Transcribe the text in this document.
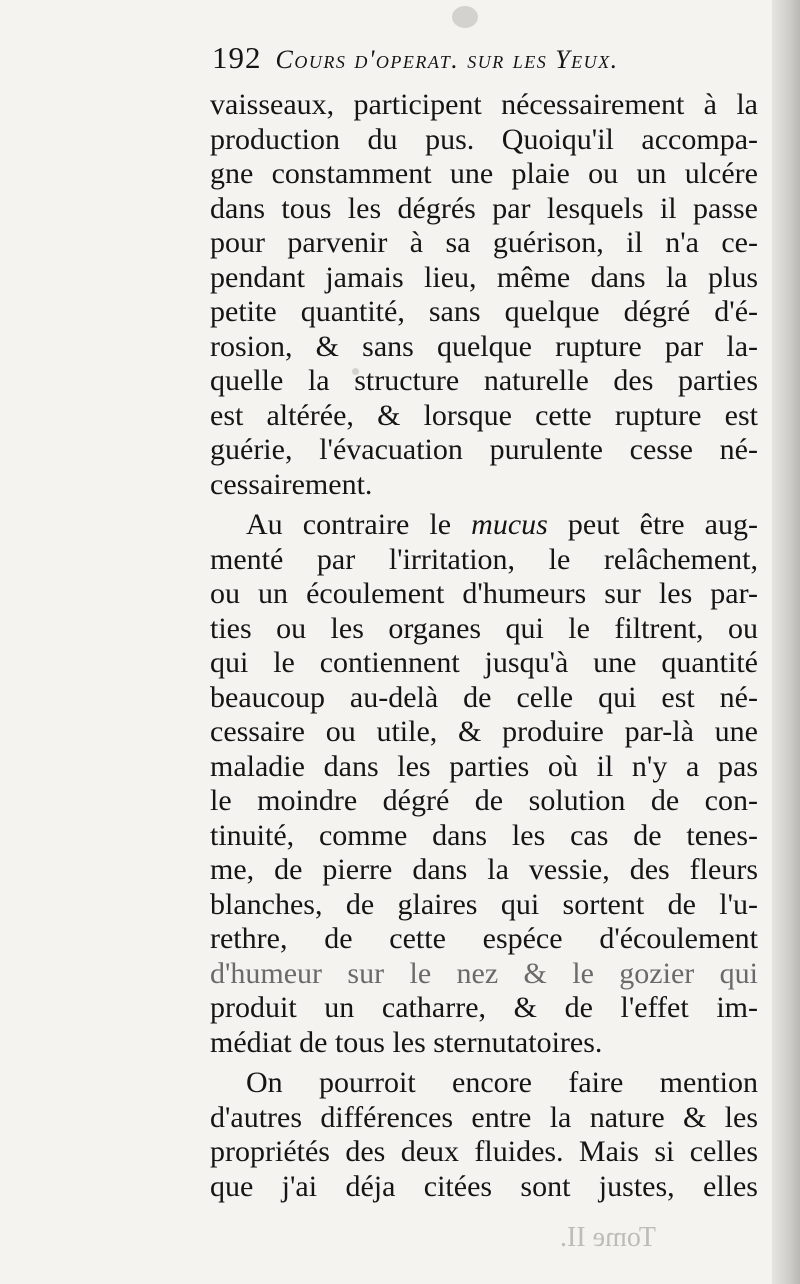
192 Cours d'operat. sur les Yeux.
vaisseaux, participent nécessairement à la
production du pus. Quoiqu'il accompa-
gne constamment une plaie ou un ulcére
dans tous les dégrés par lesquels il passe
pour parvenir à sa guérison, il n'a ce-
pendant jamais lieu, même dans la plus
petite quantité, sans quelque dégré d'é-
rosion, & sans quelque rupture par la-
quelle la structure naturelle des parties
est altérée, & lorsque cette rupture est
guérie, l'évacuation purulente cesse né-
cessairement.
Au contraire le mucus peut être aug-
menté par l'irritation, le relâchement,
ou un écoulement d'humeurs sur les par-
ties ou les organes qui le filtrent, ou
qui le contiennent jusqu'à une quantité
beaucoup au-delà de celle qui est né-
cessaire ou utile, & produire par-là une
maladie dans les parties où il n'y a pas
le moindre dégré de solution de con-
tinuité, comme dans les cas de tenes-
me, de pierre dans la vessie, des fleurs
blanches, de glaires qui sortent de l'u-
rethre, de cette espéce d'écoulement
d'humeur sur le nez & le gozier qui
produit un catharre, & de l'effet im-
médiat de tous les sternutatoires.
On pourroit encore faire mention
d'autres différences entre la nature & les
propriétés des deux fluides. Mais si celles
que j'ai déja citées sont justes, elles
Tome II.
